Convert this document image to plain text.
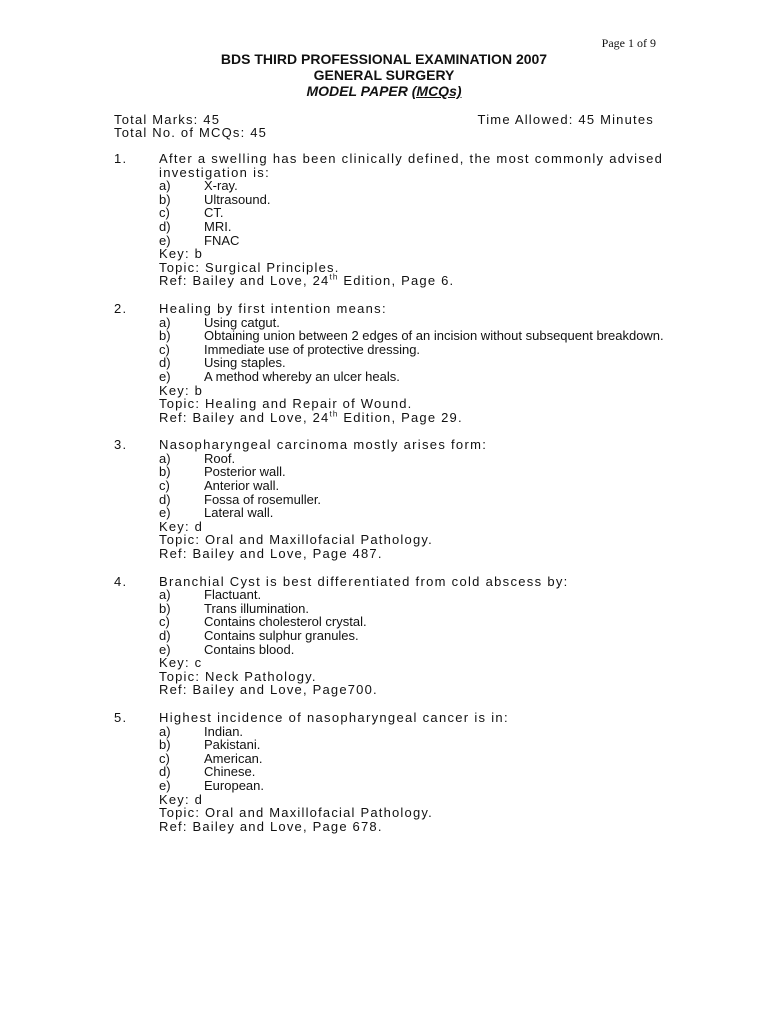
Page 1 of 9
BDS THIRD PROFESSIONAL EXAMINATION 2007
GENERAL SURGERY
MODEL PAPER (MCQs)
Total Marks: 45	Time Allowed: 45 Minutes
Total No. of MCQs: 45
1. After a swelling has been clinically defined, the most commonly advised investigation is:
a)	X-ray.
b)	Ultrasound.
c)	CT.
d)	MRI.
e)	FNAC
Key: b
Topic: Surgical Principles.
Ref: Bailey and Love, 24th Edition, Page 6.
2. Healing by first intention means:
a)	Using catgut.
b)	Obtaining union between 2 edges of an incision without subsequent breakdown.
c)	Immediate use of protective dressing.
d)	Using staples.
e)	A method whereby an ulcer heals.
Key: b
Topic: Healing and Repair of Wound.
Ref: Bailey and Love, 24th Edition, Page 29.
3. Nasopharyngeal carcinoma mostly arises form:
a)	Roof.
b)	Posterior wall.
c)	Anterior wall.
d)	Fossa of rosemuller.
e)	Lateral wall.
Key: d
Topic: Oral and Maxillofacial Pathology.
Ref: Bailey and Love, Page 487.
4. Branchial Cyst is best differentiated from cold abscess by:
a)	Flactuant.
b)	Trans illumination.
c)	Contains cholesterol crystal.
d)	Contains sulphur granules.
e)	Contains blood.
Key: c
Topic: Neck Pathology.
Ref: Bailey and Love, Page700.
5. Highest incidence of nasopharyngeal cancer is in:
a)	Indian.
b)	Pakistani.
c)	American.
d)	Chinese.
e)	European.
Key: d
Topic: Oral and Maxillofacial Pathology.
Ref: Bailey and Love, Page 678.
